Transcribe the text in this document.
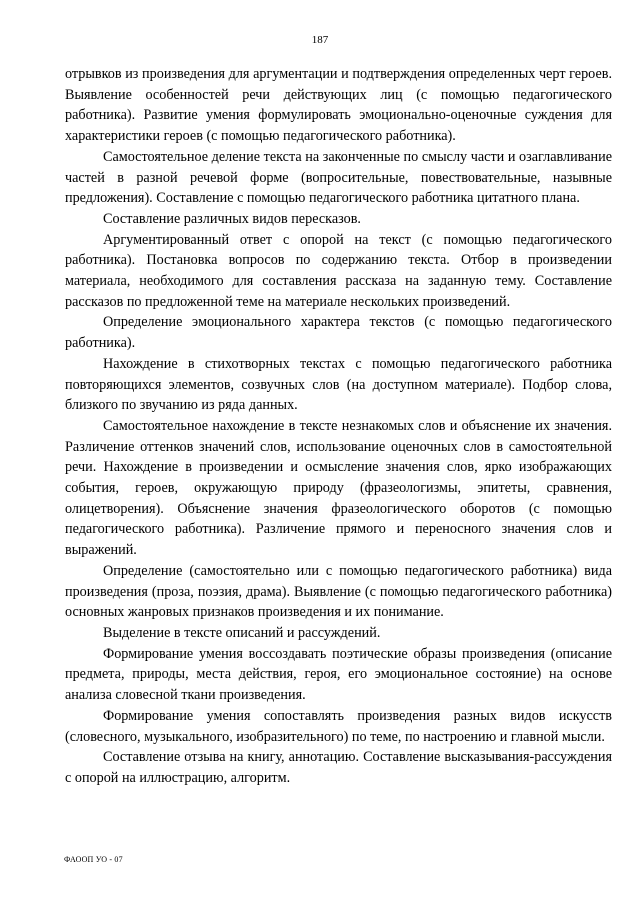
187

отрывков из произведения для аргументации и подтверждения определенных черт героев. Выявление особенностей речи действующих лиц (с помощью педагогического работника). Развитие умения формулировать эмоционально-оценочные суждения для характеристики героев (с помощью педагогического работника).

Самостоятельное деление текста на законченные по смыслу части и озаглавливание частей в разной речевой форме (вопросительные, повествовательные, назывные предложения). Составление с помощью педагогического работника цитатного плана.

Составление различных видов пересказов.

Аргументированный ответ с опорой на текст (с помощью педагогического работника). Постановка вопросов по содержанию текста. Отбор в произведении материала, необходимого для составления рассказа на заданную тему. Составление рассказов по предложенной теме на материале нескольких произведений.

Определение эмоционального характера текстов (с помощью педагогического работника).

Нахождение в стихотворных текстах с помощью педагогического работника повторяющихся элементов, созвучных слов (на доступном материале). Подбор слова, близкого по звучанию из ряда данных.

Самостоятельное нахождение в тексте незнакомых слов и объяснение их значения. Различение оттенков значений слов, использование оценочных слов в самостоятельной речи. Нахождение в произведении и осмысление значения слов, ярко изображающих события, героев, окружающую природу (фразеологизмы, эпитеты, сравнения, олицетворения). Объяснение значения фразеологического оборотов (с помощью педагогического работника). Различение прямого и переносного значения слов и выражений.

Определение (самостоятельно или с помощью педагогического работника) вида произведения (проза, поэзия, драма). Выявление (с помощью педагогического работника) основных жанровых признаков произведения и их понимание.

Выделение в тексте описаний и рассуждений.

Формирование умения воссоздавать поэтические образы произведения (описание предмета, природы, места действия, героя, его эмоциональное состояние) на основе анализа словесной ткани произведения.

Формирование умения сопоставлять произведения разных видов искусств (словесного, музыкального, изобразительного) по теме, по настроению и главной мысли.

Составление отзыва на книгу, аннотацию. Составление высказывания-рассуждения с опорой на иллюстрацию, алгоритм.

ФАООП УО - 07
